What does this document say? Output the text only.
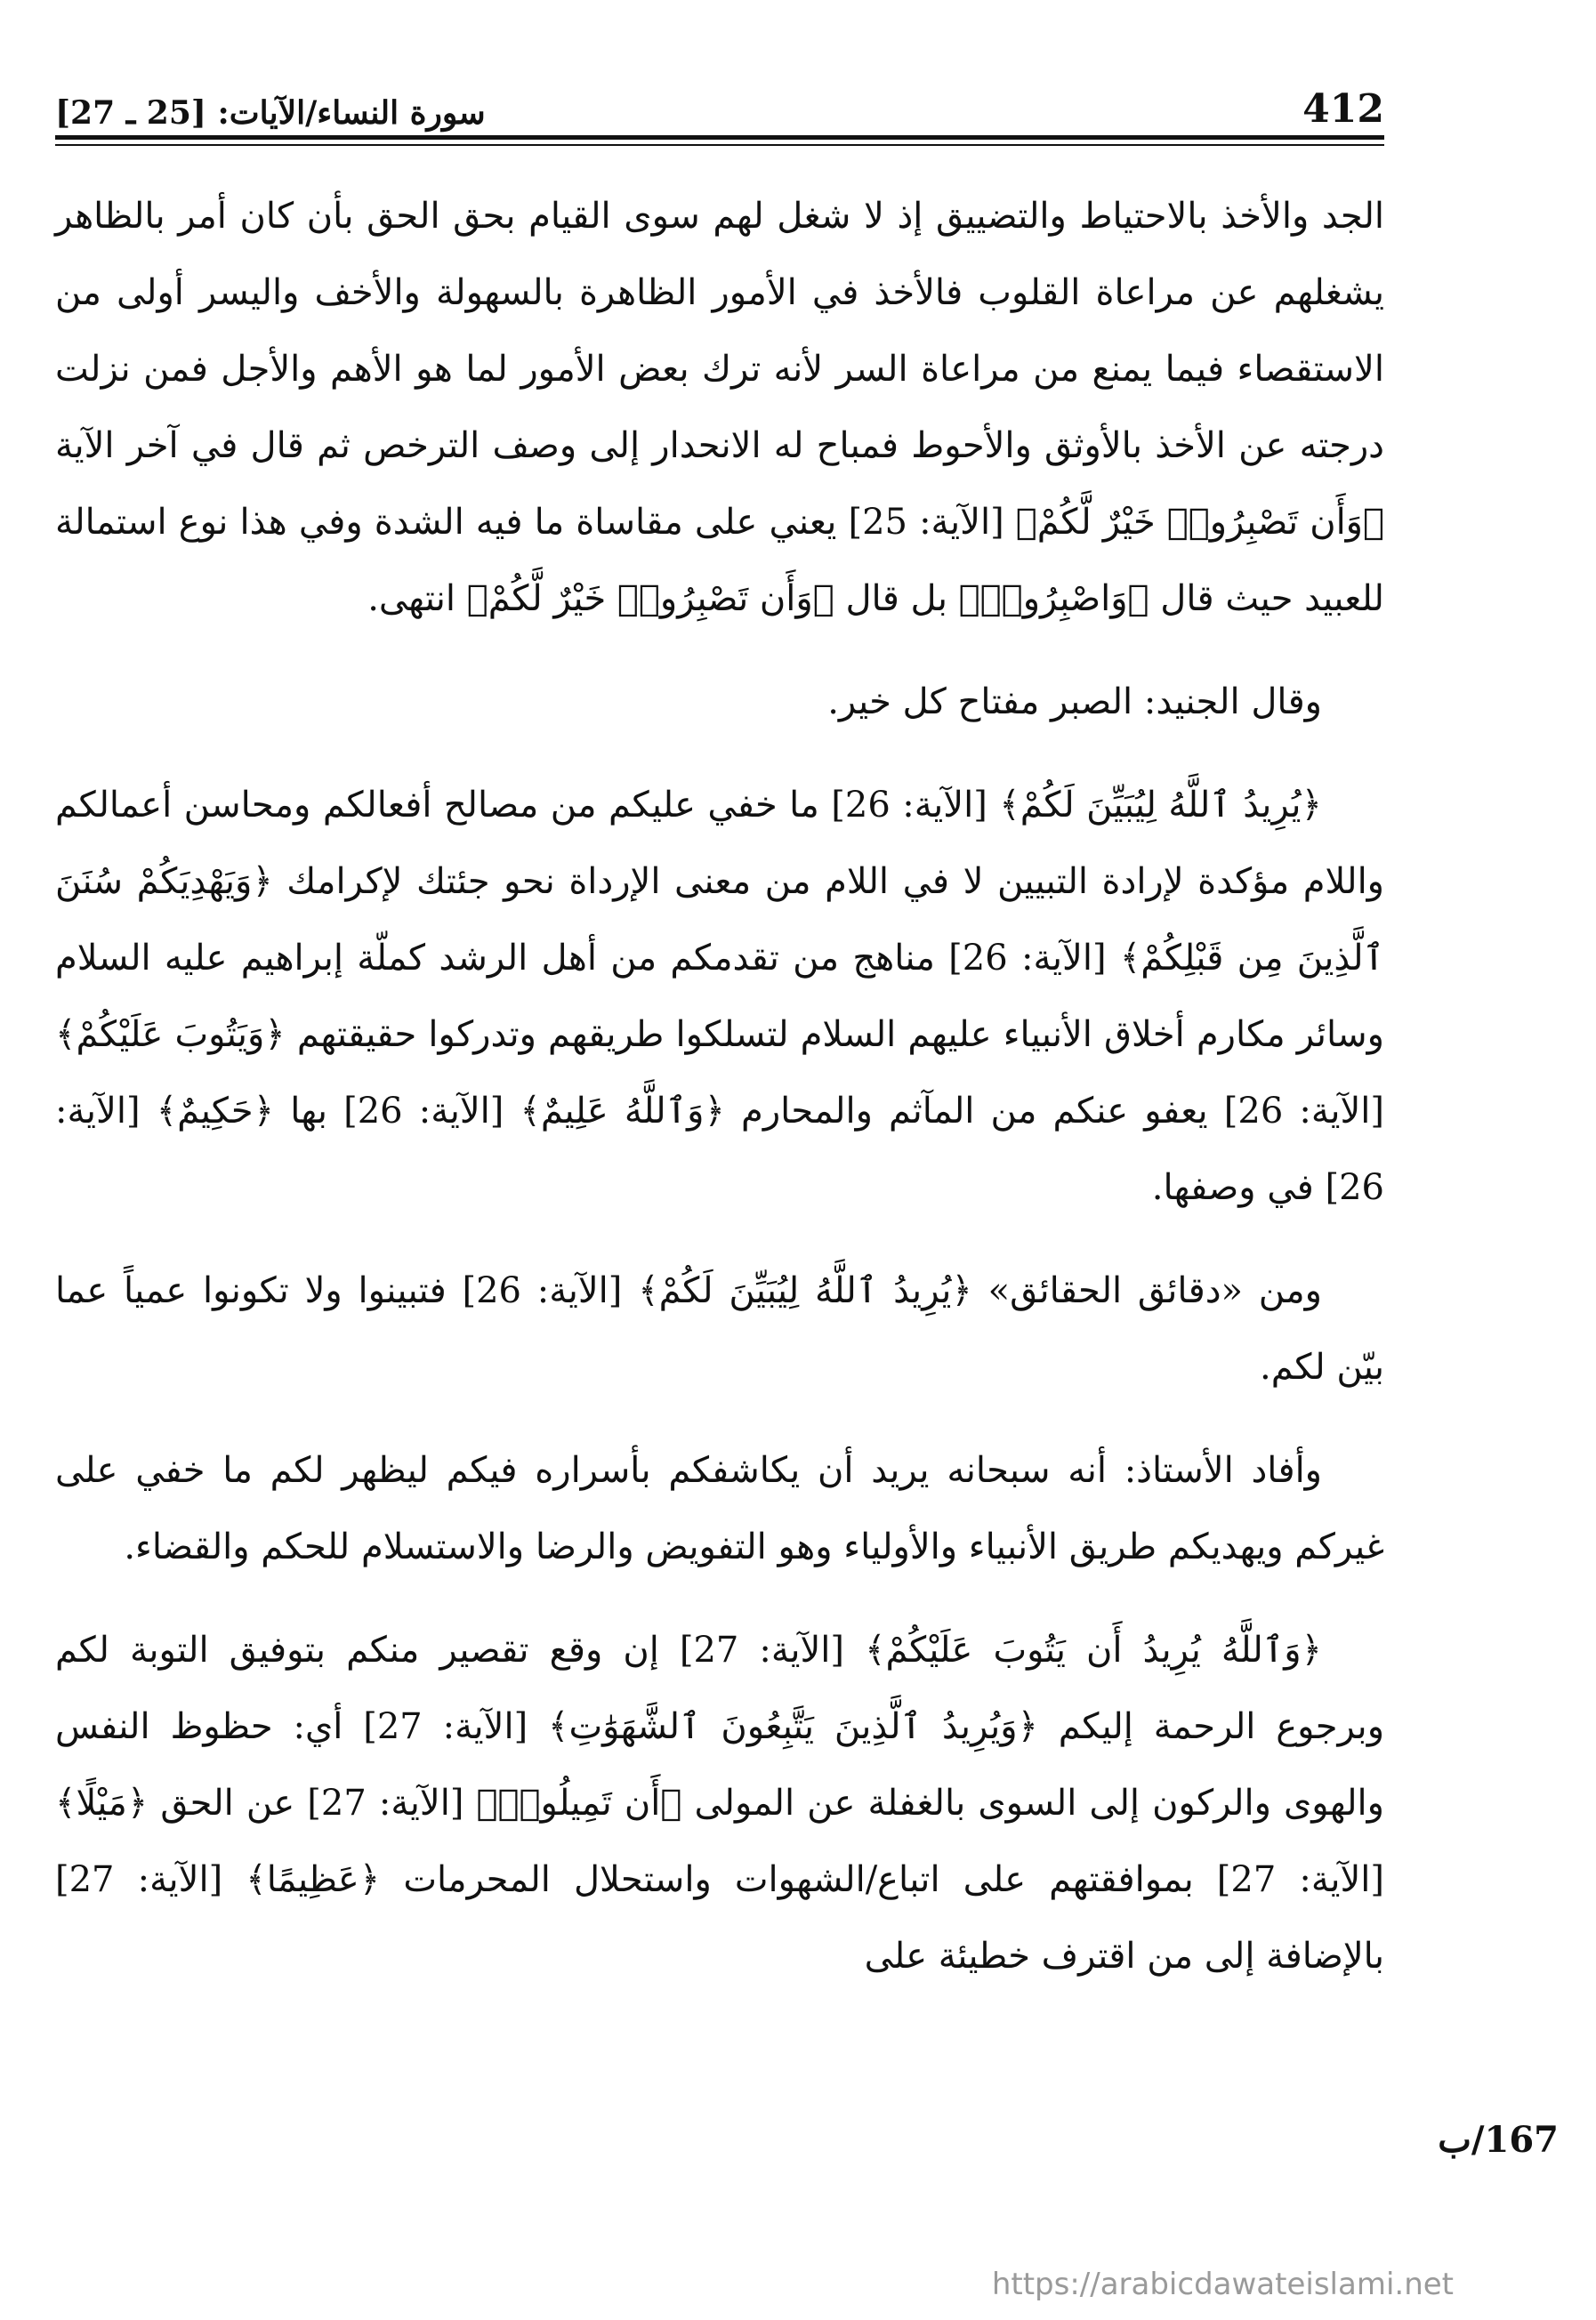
412
سورة النساء/الآيات: [25 ـ 27]

الجد والأخذ بالاحتياط والتضييق إذ لا شغل لهم سوى القيام بحق الحق بأن كان أمر بالظاهر يشغلهم عن مراعاة القلوب فالأخذ في الأمور الظاهرة بالسهولة والأخف واليسر أولى من الاستقصاء فيما يمنع من مراعاة السر لأنه ترك بعض الأمور لما هو الأهم والأجل فمن نزلت درجته عن الأخذ بالأوثق والأحوط فمباح له الانحدار إلى وصف الترخص ثم قال في آخر الآية ﴿وَأَن تَصْبِرُوا۟ خَيْرٌ لَّكُمْ﴾ [الآية: 25] يعني على مقاساة ما فيه الشدة وفي هذا نوع استمالة للعبيد حيث قال ﴿وَاصْبِرُوا۟﴾ بل قال ﴿وَأَن تَصْبِرُوا۟ خَيْرٌ لَّكُمْ﴾ انتهى.

وقال الجنيد: الصبر مفتاح كل خير.

﴿يُرِيدُ ٱللَّهُ لِيُبَيِّنَ لَكُمْ﴾ [الآية: 26] ما خفي عليكم من مصالح أفعالكم ومحاسن أعمالكم واللام مؤكدة لإرادة التبيين لا في اللام من معنى الإرداة نحو جئتك لإكرامك ﴿وَيَهْدِيَكُمْ سُنَنَ ٱلَّذِينَ مِن قَبْلِكُمْ﴾ [الآية: 26] مناهج من تقدمكم من أهل الرشد كملّة إبراهيم عليه السلام وسائر مكارم أخلاق الأنبياء عليهم السلام لتسلكوا طريقهم وتدركوا حقيقتهم ﴿وَيَتُوبَ عَلَيْكُمْ﴾ [الآية: 26] يعفو عنكم من المآثم والمحارم ﴿وَٱللَّهُ عَلِيمٌ﴾ [الآية: 26] بها ﴿حَكِيمٌ﴾ [الآية: 26] في وصفها.

ومن «دقائق الحقائق» ﴿يُرِيدُ ٱللَّهُ لِيُبَيِّنَ لَكُمْ﴾ [الآية: 26] فتبينوا ولا تكونوا عمياً عما بيّن لكم.

وأفاد الأستاذ: أنه سبحانه يريد أن يكاشفكم بأسراره فيكم ليظهر لكم ما خفي على غيركم ويهديكم طريق الأنبياء والأولياء وهو التفويض والرضا والاستسلام للحكم والقضاء.

﴿وَٱللَّهُ يُرِيدُ أَن يَتُوبَ عَلَيْكُمْ﴾ [الآية: 27] إن وقع تقصير منكم بتوفيق التوبة لكم وبرجوع الرحمة إليكم ﴿وَيُرِيدُ ٱلَّذِينَ يَتَّبِعُونَ ٱلشَّهَوَٰتِ﴾ [الآية: 27] أي: حظوظ النفس والهوى والركون إلى السوى بالغفلة عن المولى ﴿أَن تَمِيلُوا۟﴾ [الآية: 27] عن الحق ﴿مَيْلًا﴾ [الآية: 27] بموافقتهم على اتباع/الشهوات واستحلال المحرمات ﴿عَظِيمًا﴾ [الآية: 27] بالإضافة إلى من اقترف خطيئة على

167/ب
https://arabicdawateislami.net
